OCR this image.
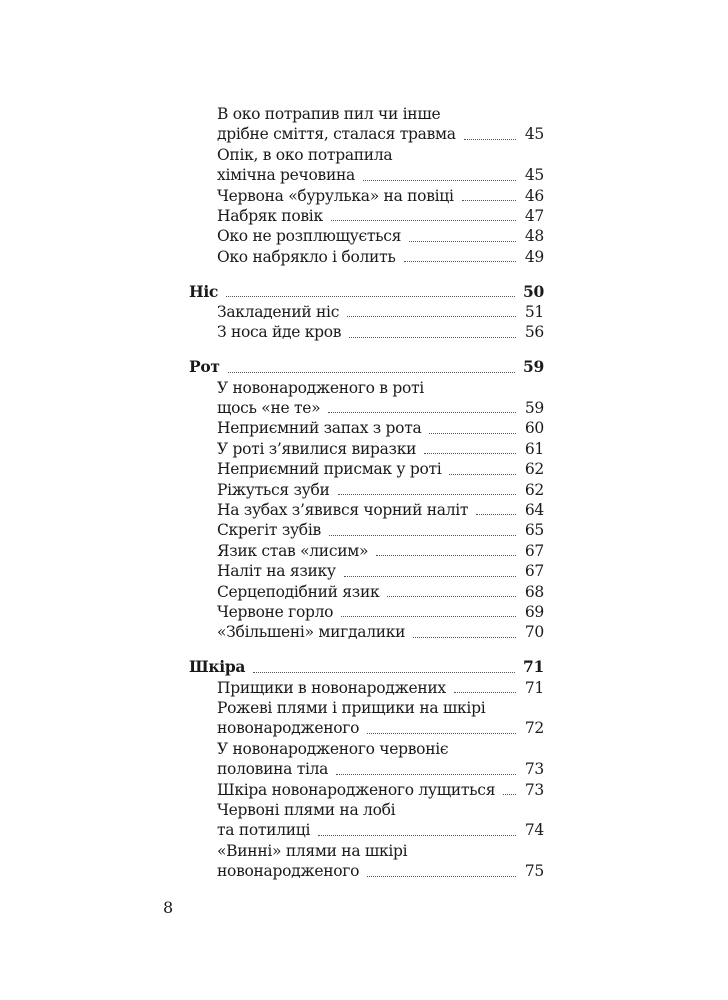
В око потрапив пил чи інше
дрібне сміття, сталася травма	45
Опік, в око потрапила
хімічна речовина	45
Червона «бурулька» на повіці	46
Набряк повік	47
Око не розплющується	48
Око набрякло і болить	49
Ніс	50
Закладений ніс	51
З носа йде кров	56
Рот	59
У новонародженого в роті
щось «не те»	59
Неприємний запах з рота	60
У роті з’явилися виразки	61
Неприємний присмак у роті	62
Ріжуться зуби	62
На зубах з’явився чорний наліт	64
Скрегіт зубів	65
Язик став «лисим»	67
Наліт на язику	67
Серцеподібний язик	68
Червоне горло	69
«Збільшені» мигдалики	70
Шкіра	71
Прищики в новонароджених	71
Рожеві плями і прищики на шкірі
новонародженого	72
У новонародженого червоніє
половина тіла	73
Шкіра новонародженого лущиться 73
Червоні плями на лобі
та потилиці	74
«Винні» плями на шкірі
новонародженого	75
8
